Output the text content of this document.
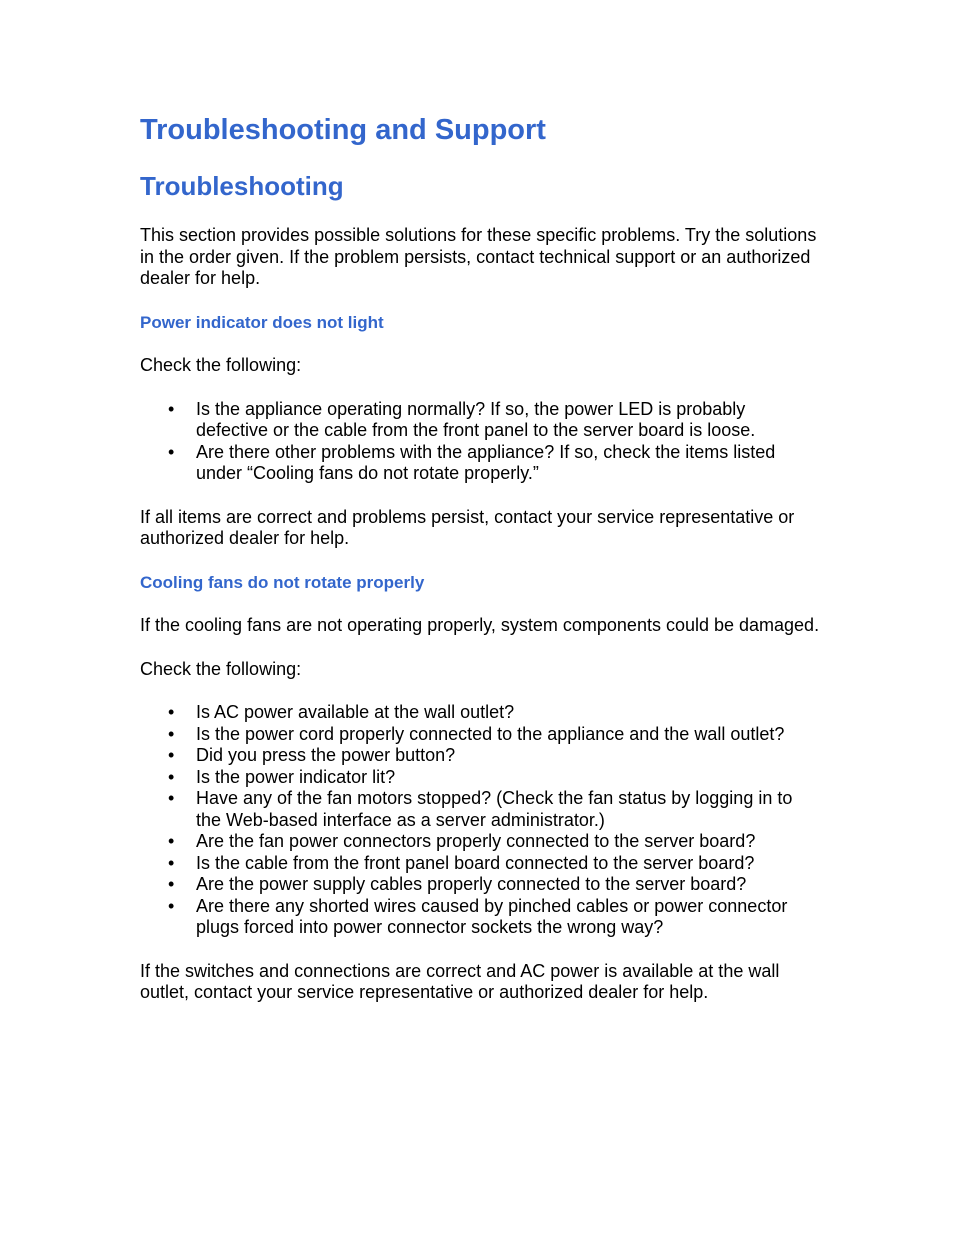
Troubleshooting and Support
Troubleshooting

This section provides possible solutions for these specific problems. Try the solutions in the order given. If the problem persists, contact technical support or an authorized dealer for help.

Power indicator does not light

Check the following:

• Is the appliance operating normally? If so, the power LED is probably defective or the cable from the front panel to the server board is loose.
• Are there other problems with the appliance? If so, check the items listed under “Cooling fans do not rotate properly.”

If all items are correct and problems persist, contact your service representative or authorized dealer for help.

Cooling fans do not rotate properly

If the cooling fans are not operating properly, system components could be damaged.

Check the following:

• Is AC power available at the wall outlet?
• Is the power cord properly connected to the appliance and the wall outlet?
• Did you press the power button?
• Is the power indicator lit?
• Have any of the fan motors stopped? (Check the fan status by logging in to the Web-based interface as a server administrator.)
• Are the fan power connectors properly connected to the server board?
• Is the cable from the front panel board connected to the server board?
• Are the power supply cables properly connected to the server board?
• Are there any shorted wires caused by pinched cables or power connector plugs forced into power connector sockets the wrong way?

If the switches and connections are correct and AC power is available at the wall outlet, contact your service representative or authorized dealer for help.
